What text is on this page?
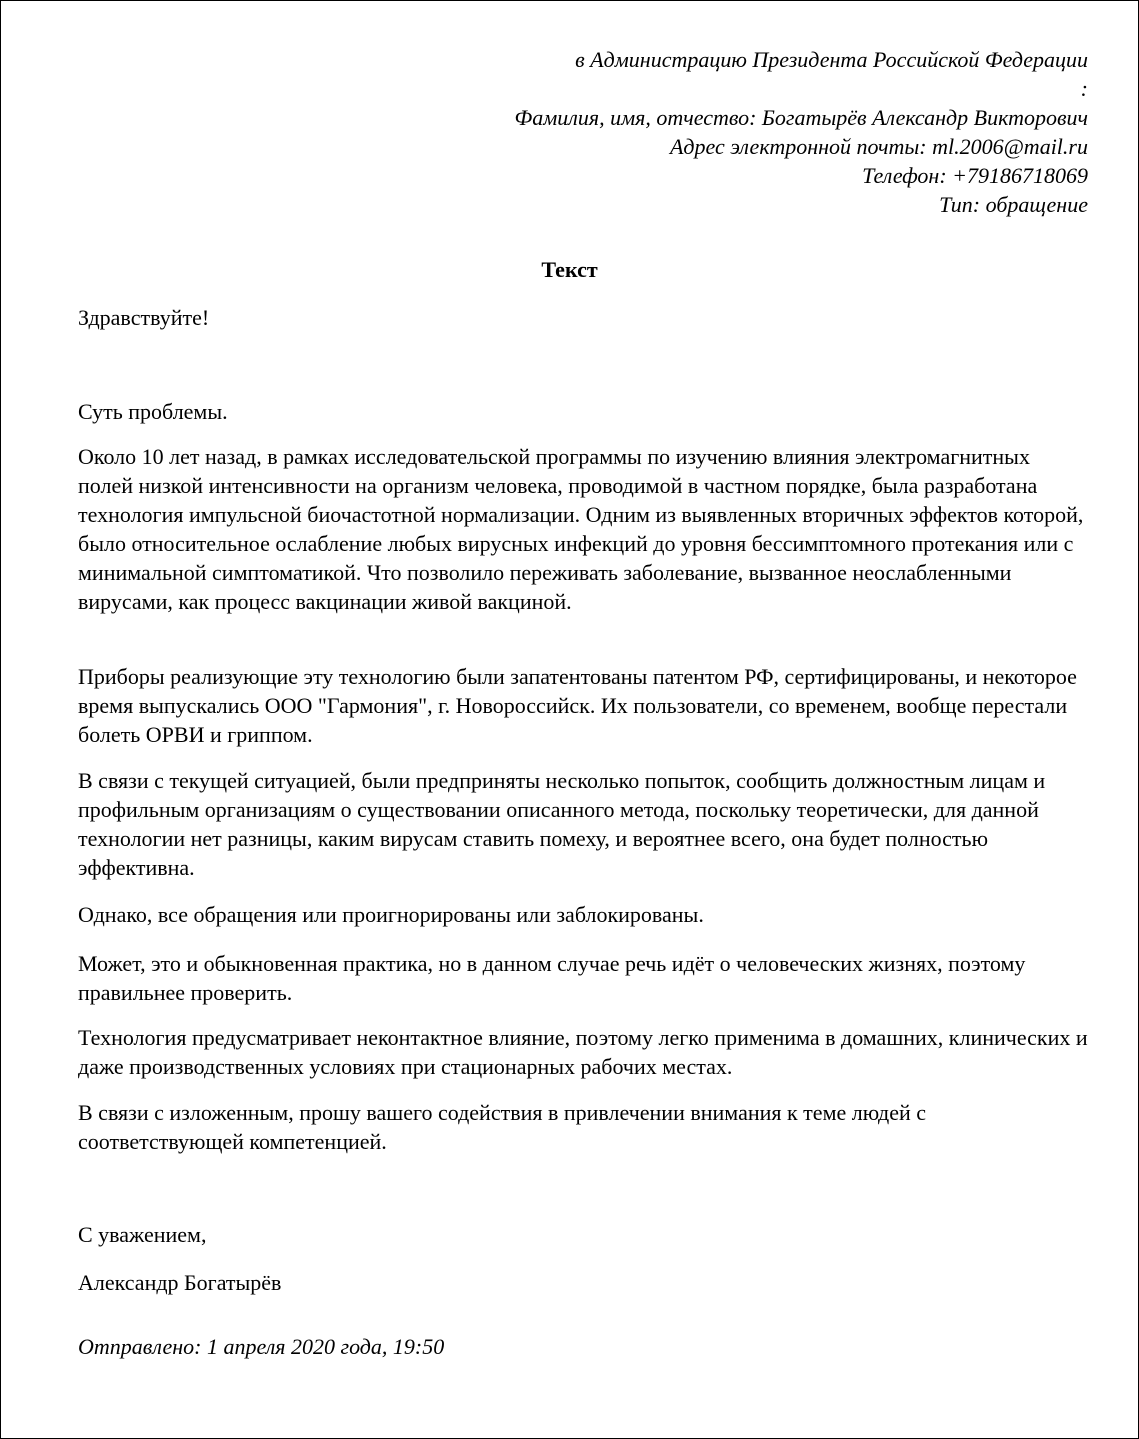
в Администрацию Президента Российской Федерации
:
Фамилия, имя, отчество: Богатырёв Александр Викторович
Адрес электронной почты: ml.2006@mail.ru
Телефон: +79186718069
Тип: обращение
Текст

Здравствуйте!

Суть проблемы.

Около 10 лет назад, в рамках исследовательской программы по изучению влияния электромагнитных полей низкой интенсивности на организм человека, проводимой в частном порядке, была разработана технология импульсной биочастотной нормализации. Одним из выявленных вторичных эффектов которой, было относительное ослабление любых вирусных инфекций до уровня бессимптомного протекания или с минимальной симптоматикой. Что позволило переживать заболевание, вызванное неослабленными вирусами, как процесс вакцинации живой вакциной.

Приборы реализующие эту технологию были запатентованы патентом РФ, сертифицированы, и некоторое время выпускались ООО "Гармония", г. Новороссийск. Их пользователи, со временем, вообще перестали болеть ОРВИ и гриппом.

В связи с текущей ситуацией, были предприняты несколько попыток, сообщить должностным лицам и профильным организациям о существовании описанного метода, поскольку теоретически, для данной технологии нет разницы, каким вирусам ставить помеху, и вероятнее всего, она будет полностью эффективна.

Однако, все обращения или проигнорированы или заблокированы.

Может, это и обыкновенная практика, но в данном случае речь идёт о человеческих жизнях, поэтому правильнее проверить.

Технология предусматривает неконтактное влияние, поэтому легко применима в домашних, клинических и даже производственных условиях при стационарных рабочих местах.

В связи с изложенным, прошу вашего содействия в привлечении внимания к теме людей с соответствующей компетенцией.

С уважением,

Александр Богатырёв

Отправлено: 1 апреля 2020 года, 19:50
